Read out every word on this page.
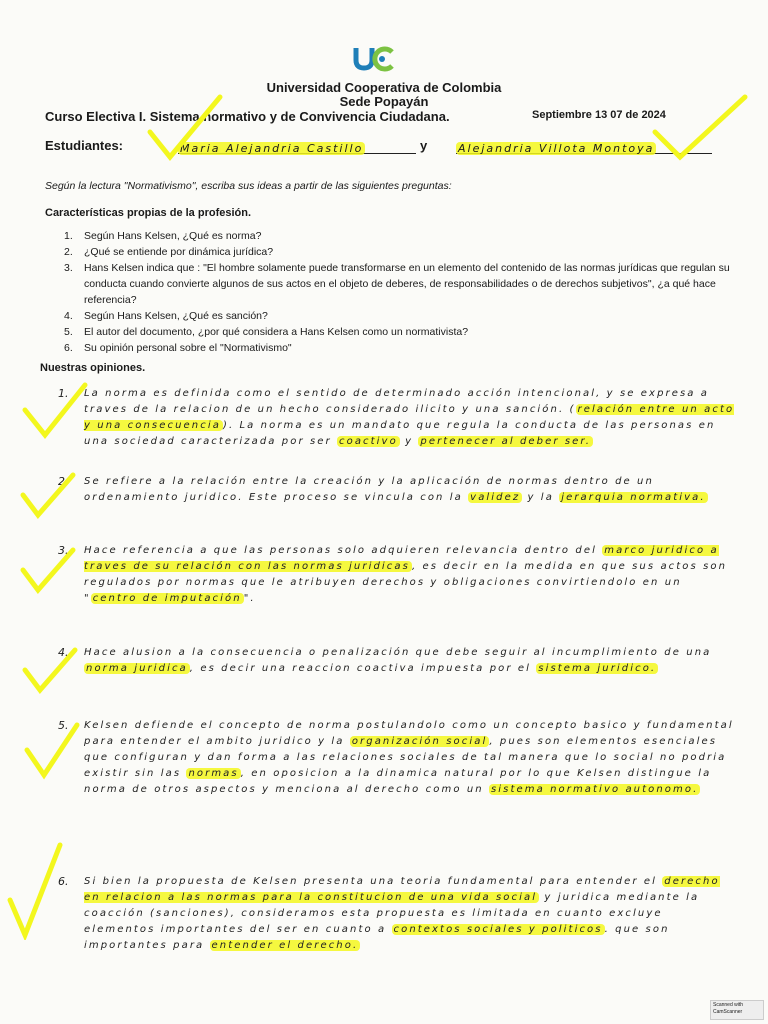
Universidad Cooperativa de Colombia
Sede Popayán
Curso Electiva I. Sistema normativo y de Convivencia Ciudadana.	Septiembre 13 07 de 2024
Estudiantes:	Maria Alejandria Castillo	y	Alejandria Villota Montoya
Según la lectura "Normativismo", escriba sus ideas a partir de las siguientes preguntas:
Características propias de la profesión.
1.	Según Hans Kelsen, ¿Qué es norma?
2.	¿Qué se entiende por dinámica jurídica?
3.	Hans Kelsen indica que : "El hombre solamente puede transformarse en un elemento del contenido de las normas jurídicas que regulan su conducta cuando convierte algunos de sus actos en el objeto de deberes, de responsabilidades o de derechos subjetivos", ¿a qué hace referencia?
4.	Según Hans Kelsen, ¿Qué es sanción?
5.	El autor del documento, ¿por qué considera a Hans Kelsen como un normativista?
6.	Su opinión personal sobre el "Normativismo"
Nuestras opiniones.
1. La norma es definida como el sentido de determinado acción intencional, y se expresa a traves de la relacion de un hecho considerado ilicito y una sanción. ( relación entre un acto y una consecuencia ). La norma es un mandato que regula la conducta de las personas en una sociedad caracterizada por ser coactivo y pertenecer al deber ser.
2. Se refiere a la relación entre la creación y la aplicación de normas dentro de un ordenamiento juridico. Este proceso se vincula con la validez y la jerarquia normativa.
3. Hace referencia a que las personas solo adquieren relevancia dentro del marco juridico a traves de su relación con las normas juridicas , es decir en la medida en que sus actos son regulados por normas que le atribuyen derechos y obligaciones convirtiendolo en un " centro de imputación ".
4. Hace alusion a la consecuencia o penalización que debe seguir al incumplimiento de una norma juridica , es decir una reaccion coactiva impuesta por el sistema juridico.
5. Kelsen defiende el concepto de norma postulandolo como un concepto basico y fundamental para entender el ambito juridico y la organización social , pues son elementos esenciales que configuran y dan forma a las relaciones sociales de tal manera que lo social no podria existir sin las normas , en oposicion a la dinamica natural por lo que Kelsen distingue la norma de otros aspectos y menciona al derecho como un sistema normativo autonomo.
6. Si bien la propuesta de Kelsen presenta una teoria fundamental para entender el derecho en relacion a las normas para la constitucion de una vida social y juridica mediante la coacción (sanciones), consideramos esta propuesta es limitada en cuanto excluye elementos importantes del ser en cuanto a contextos sociales y politicos . que son importantes para entender el derecho.
Scanned with CamScanner
